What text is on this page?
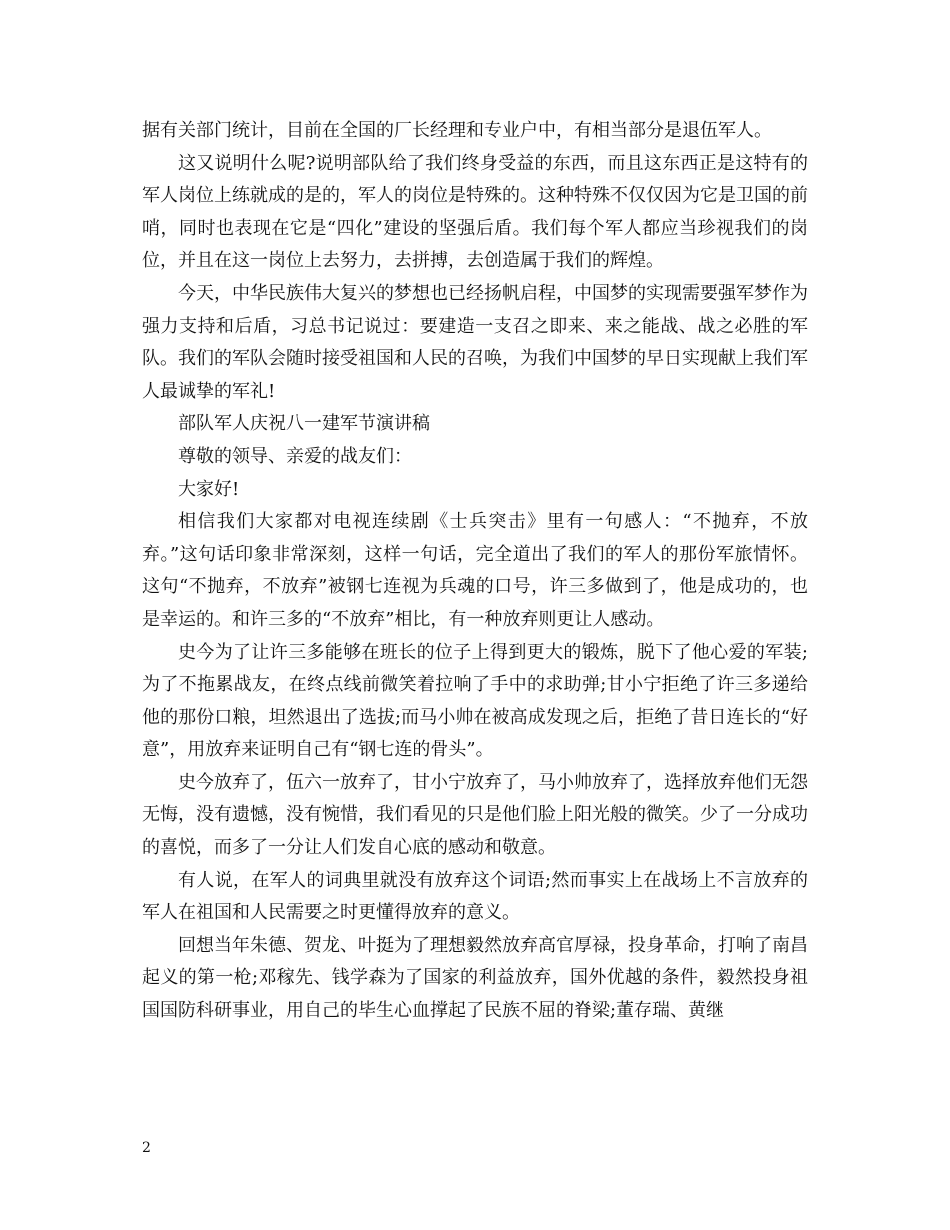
据有关部门统计，目前在全国的厂长经理和专业户中，有相当部分是退伍军人。

这又说明什么呢?说明部队给了我们终身受益的东西，而且这东西正是这特有的军人岗位上练就成的是的，军人的岗位是特殊的。这种特殊不仅仅因为它是卫国的前哨，同时也表现在它是“四化”建设的坚强后盾。我们每个军人都应当珍视我们的岗位，并且在这一岗位上去努力，去拼搏，去创造属于我们的辉煌。

今天，中华民族伟大复兴的梦想也已经扬帆启程，中国梦的实现需要强军梦作为强力支持和后盾，习总书记说过：要建造一支召之即来、来之能战、战之必胜的军队。我们的军队会随时接受祖国和人民的召唤，为我们中国梦的早日实现献上我们军人最诚挚的军礼!

部队军人庆祝八一建军节演讲稿

尊敬的领导、亲爱的战友们：

大家好!

相信我们大家都对电视连续剧《士兵突击》里有一句感人：“不抛弃，不放弃。”这句话印象非常深刻，这样一句话，完全道出了我们的军人的那份军旅情怀。这句“不抛弃，不放弃”被钢七连视为兵魂的口号，许三多做到了，他是成功的，也是幸运的。和许三多的“不放弃”相比，有一种放弃则更让人感动。

史今为了让许三多能够在班长的位子上得到更大的锻炼，脱下了他心爱的军装;为了不拖累战友，在终点线前微笑着拉响了手中的求助弹;甘小宁拒绝了许三多递给他的那份口粮，坦然退出了选拔;而马小帅在被高成发现之后，拒绝了昔日连长的“好意”，用放弃来证明自己有“钢七连的骨头”。

史今放弃了，伍六一放弃了，甘小宁放弃了，马小帅放弃了，选择放弃他们无怨无悔，没有遗憾，没有惋惜，我们看见的只是他们脸上阳光般的微笑。少了一分成功的喜悦，而多了一分让人们发自心底的感动和敬意。

有人说，在军人的词典里就没有放弃这个词语;然而事实上在战场上不言放弃的军人在祖国和人民需要之时更懂得放弃的意义。

回想当年朱德、贺龙、叶挺为了理想毅然放弃高官厚禄，投身革命，打响了南昌起义的第一枪;邓稼先、钱学森为了国家的利益放弃，国外优越的条件，毅然投身祖国国防科研事业，用自己的毕生心血撑起了民族不屈的脊梁;董存瑞、黄继

2
